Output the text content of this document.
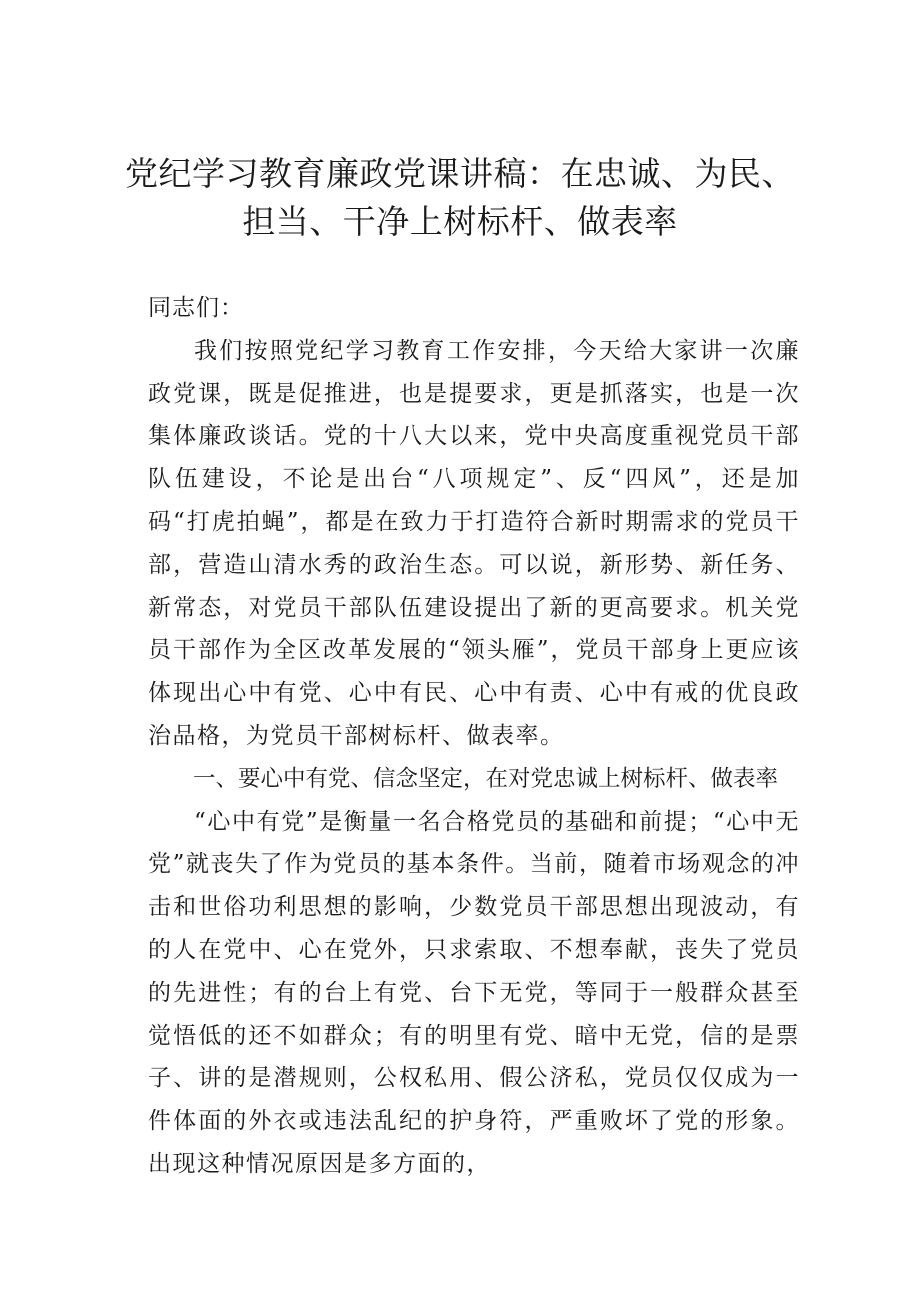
党纪学习教育廉政党课讲稿：在忠诚、为民、
担当、干净上树标杆、做表率

同志们：

我们按照党纪学习教育工作安排，今天给大家讲一次廉政党课，既是促推进，也是提要求，更是抓落实，也是一次集体廉政谈话。党的十八大以来，党中央高度重视党员干部队伍建设，不论是出台“八项规定”、反“四风”，还是加码“打虎拍蝇”，都是在致力于打造符合新时期需求的党员干部，营造山清水秀的政治生态。可以说，新形势、新任务、新常态，对党员干部队伍建设提出了新的更高要求。机关党员干部作为全区改革发展的“领头雁”，党员干部身上更应该体现出心中有党、心中有民、心中有责、心中有戒的优良政治品格，为党员干部树标杆、做表率。

一、要心中有党、信念坚定，在对党忠诚上树标杆、做表率

“心中有党”是衡量一名合格党员的基础和前提；“心中无党”就丧失了作为党员的基本条件。当前，随着市场观念的冲击和世俗功利思想的影响，少数党员干部思想出现波动，有的人在党中、心在党外，只求索取、不想奉献，丧失了党员的先进性；有的台上有党、台下无党，等同于一般群众甚至觉悟低的还不如群众；有的明里有党、暗中无党，信的是票子、讲的是潜规则，公权私用、假公济私，党员仅仅成为一件体面的外衣或违法乱纪的护身符，严重败坏了党的形象。出现这种情况原因是多方面的，
